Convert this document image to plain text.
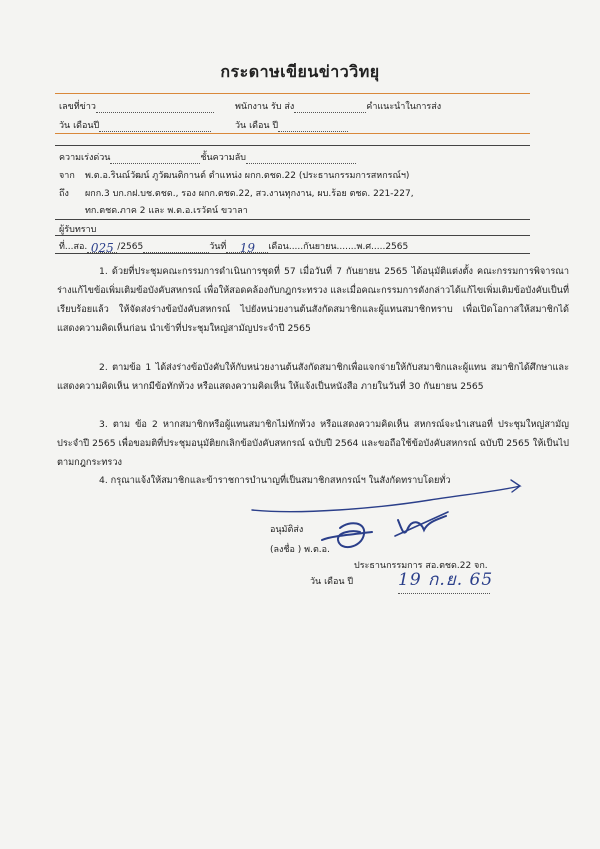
กระดาษเขียนข่าววิทยุ
เลขที่ข่าว	พนักงาน รับ ส่ง	คำแนะนำในการส่ง
วัน เดือนปี	วัน เดือน ปี
ความเร่งด่วน	ชั้นความลับ
จาก พ.ต.อ.รินณ์วัฒน์ ภูวัฒนติกานต์ ตำแหน่ง ผกก.ตชด.22 (ประธานกรรมการสหกรณ์ฯ)
ถึง ผกก.3 บก.กฝ.บช.ตชด., รอง ผกก.ตชด.22, สว.งานทุกงาน, ผบ.ร้อย ตชด. 221-227,
ทก.ตชด.ภาค 2 และ พ.ต.อ.เรวัตน์ ขวาลา
ผู้รับทราบ
ที่...สอ. 025 /2565	วันที่ 19 เดือน.....กันยายน.......พ.ศ.....2565
1. ด้วยที่ประชุมคณะกรรมการดำเนินการชุดที่ 57 เมื่อวันที่ 7 กันยายน 2565 ได้อนุมัติแต่งตั้ง คณะกรรมการพิจารณาร่างแก้ไขข้อเพิ่มเติมข้อบังคับสหกรณ์ เพื่อให้สอดคล้องกับกฎกระทรวง และเมื่อคณะกรรมการดังกล่าวได้แก้ไขเพิ่มเติมข้อบังคับเป็นที่เรียบร้อยแล้ว ให้จัดส่งร่างข้อบังคับสหกรณ์ ไปยังหน่วยงานต้นสังกัดสมาชิกและผู้แทนสมาชิกทราบ เพื่อเปิดโอกาสให้สมาชิกได้แสดงความคิดเห็นก่อน นำเข้าที่ประชุมใหญ่สามัญประจำปี 2565
2. ตามข้อ 1 ได้ส่งร่างข้อบังคับให้กับหน่วยงานต้นสังกัดสมาชิกเพื่อแจกจ่ายให้กับสมาชิกและผู้แทน สมาชิกได้ศึกษาและแสดงความคิดเห็น หากมีข้อทักท้วง หรือแสดงความคิดเห็น ให้แจ้งเป็นหนังสือ ภายในวันที่ 30 กันยายน 2565
3. ตาม ข้อ 2 หากสมาชิกหรือผู้แทนสมาชิกไม่ทักท้วง หรือแสดงความคิดเห็น สหกรณ์จะนำเสนอที่ ประชุมใหญ่สามัญ ประจำปี 2565 เพื่อขอมติที่ประชุมอนุมัติยกเลิกข้อบังคับสหกรณ์ ฉบับปี 2564 และขอถือใช้ข้อบังคับสหกรณ์ ฉบับปี 2565 ให้เป็นไปตามกฎกระทรวง
4. กรุณาแจ้งให้สมาชิกและข้าราชการบำนาญที่เป็นสมาชิกสหกรณ์ฯ ในสังกัดทราบโดยทั่ว
อนุมัติส่ง
(ลงชื่อ ) พ.ต.อ.
ประธานกรรมการ สอ.ตชด.22 จก.
วัน เดือน ปี	19 ก.ย. 65
